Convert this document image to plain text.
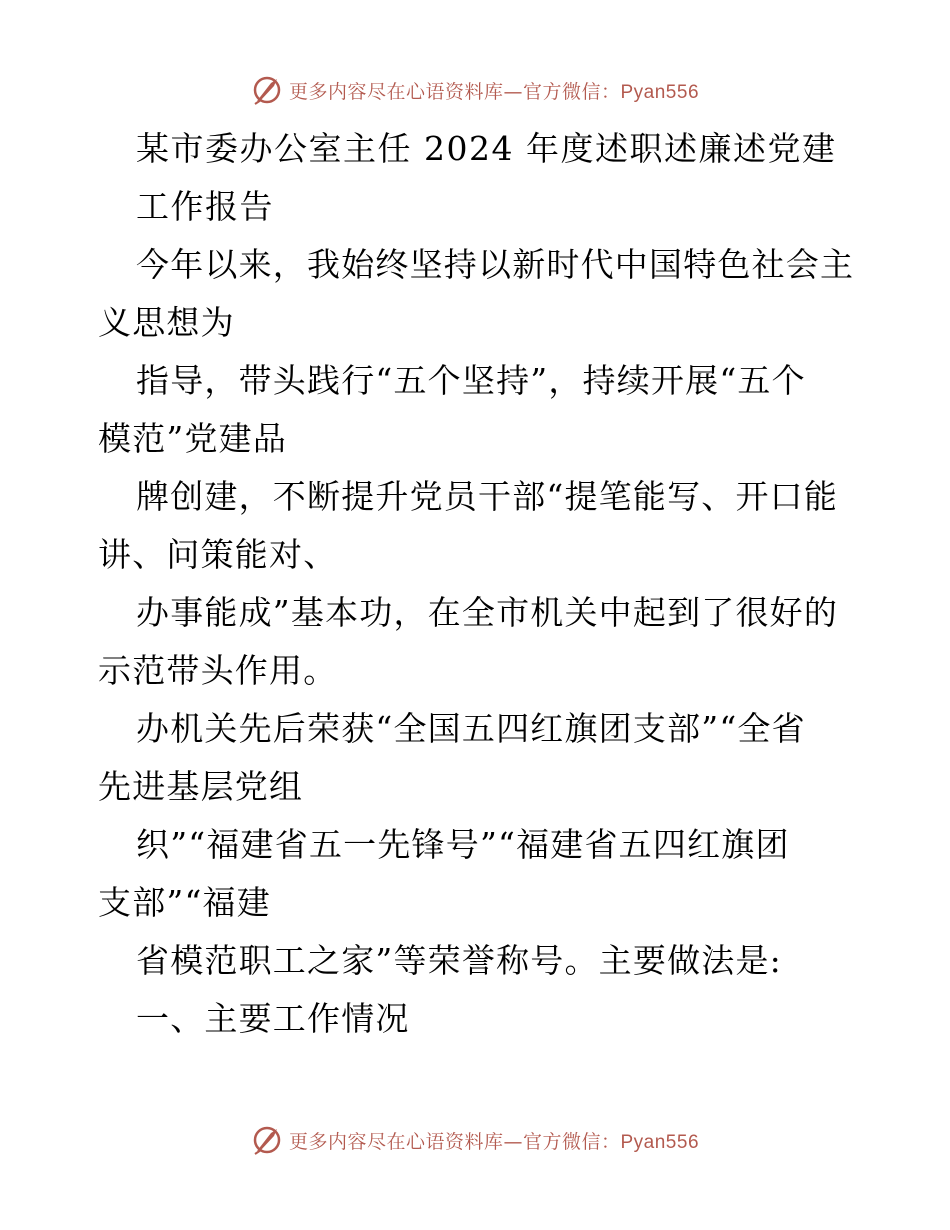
更多内容尽在心语资料库—官方微信：Pyan556
某市委办公室主任 2024 年度述职述廉述党建
工作报告
今年以来，我始终坚持以新时代中国特色社会主
义思想为
指导，带头践行“五个坚持”，持续开展“五个
模范”党建品
牌创建，不断提升党员干部“提笔能写、开口能
讲、问策能对、
办事能成”基本功，在全市机关中起到了很好的
示范带头作用。
办机关先后荣获“全国五四红旗团支部”“全省
先进基层党组
织”“福建省五一先锋号”“福建省五四红旗团
支部”“福建
省模范职工之家”等荣誉称号。主要做法是:
一、主要工作情况
更多内容尽在心语资料库—官方微信：Pyan556
